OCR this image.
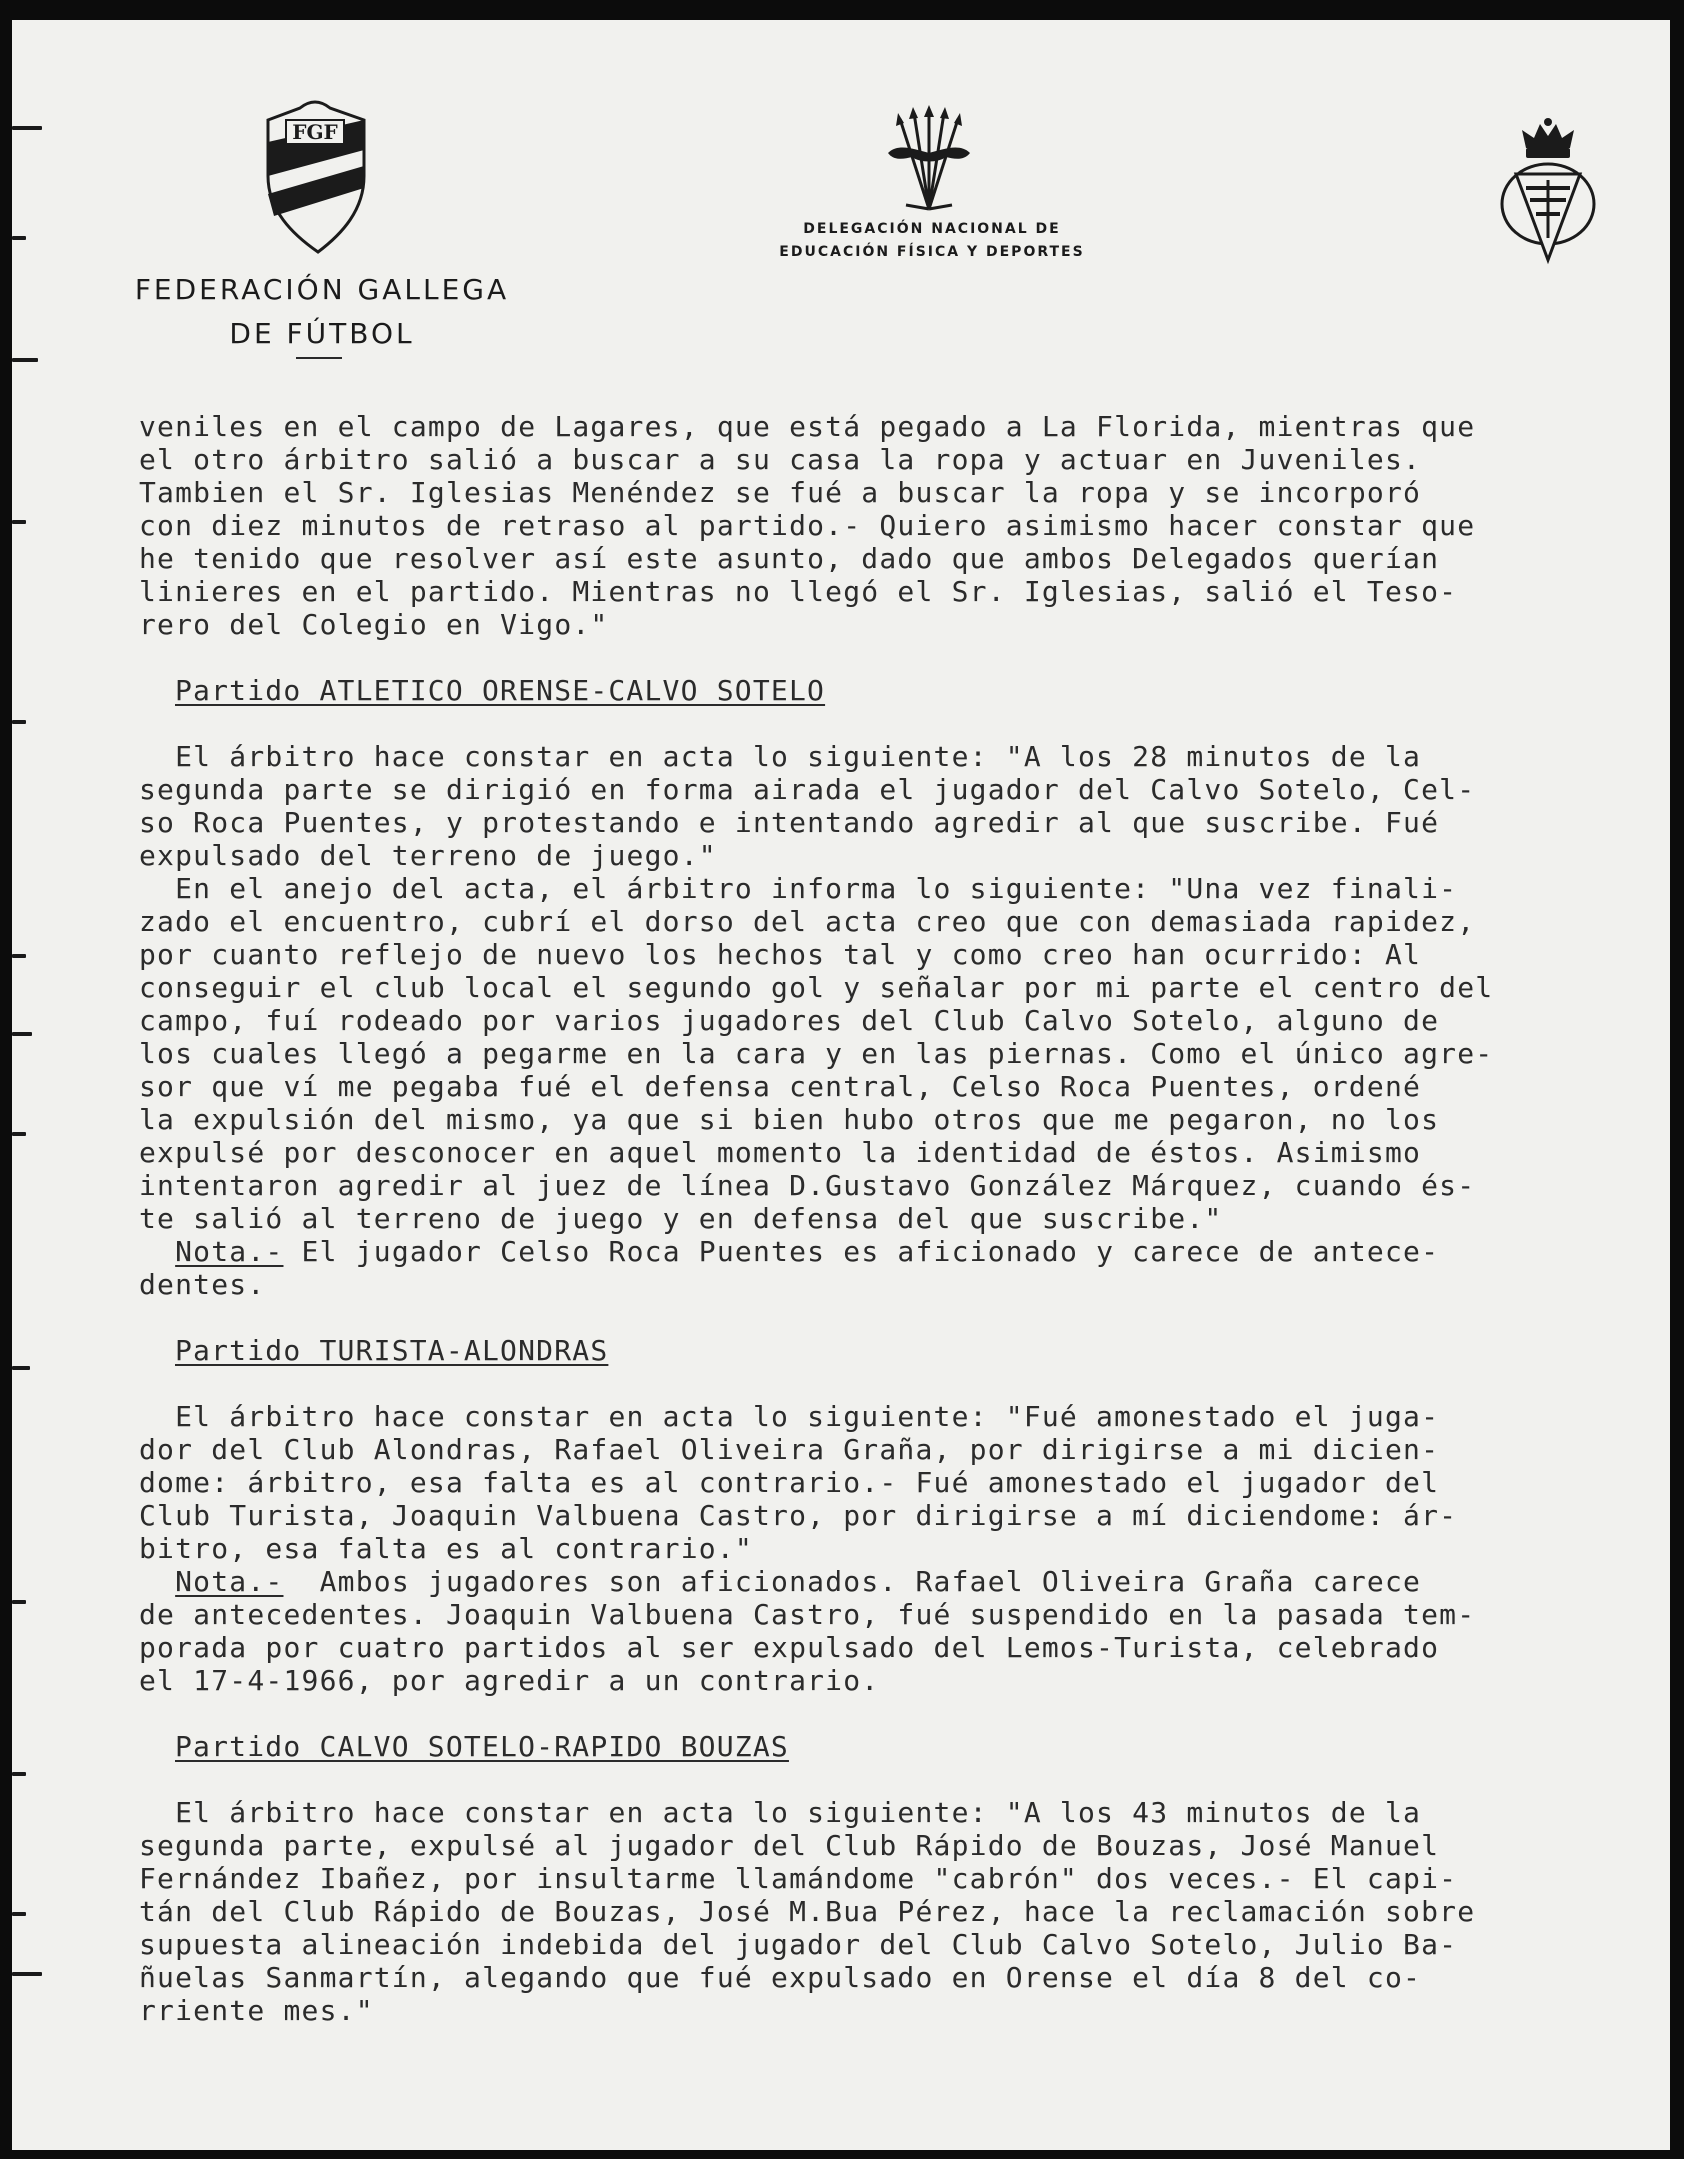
FGF
FEDERACIÓN GALLEGA
DE FÚTBOL
DELEGACIÓN NACIONAL DE
EDUCACIÓN FÍSICA Y DEPORTES

veniles en el campo de Lagares, que está pegado a La Florida, mientras que
el otro árbitro salió a buscar a su casa la ropa y actuar en Juveniles.
Tambien el Sr. Iglesias Menéndez se fué a buscar la ropa y se incorporó
con diez minutos de retraso al partido.- Quiero asimismo hacer constar que
he tenido que resolver así este asunto, dado que ambos Delegados querían
linieres en el partido. Mientras no llegó el Sr. Iglesias, salió el Teso-
rero del Colegio en Vigo."

Partido ATLETICO ORENSE-CALVO SOTELO

El árbitro hace constar en acta lo siguiente: "A los 28 minutos de la
segunda parte se dirigió en forma airada el jugador del Calvo Sotelo, Cel-
so Roca Puentes, y protestando e intentando agredir al que suscribe. Fué
expulsado del terreno de juego."

En el anejo del acta, el árbitro informa lo siguiente: "Una vez finali-
zado el encuentro, cubrí el dorso del acta creo que con demasiada rapidez,
por cuanto reflejo de nuevo los hechos tal y como creo han ocurrido: Al
conseguir el club local el segundo gol y señalar por mi parte el centro del
campo, fuí rodeado por varios jugadores del Club Calvo Sotelo, alguno de
los cuales llegó a pegarme en la cara y en las piernas. Como el único agre-
sor que ví me pegaba fué el defensa central, Celso Roca Puentes, ordené
la expulsión del mismo, ya que si bien hubo otros que me pegaron, no los
expulsé por desconocer en aquel momento la identidad de éstos. Asimismo
intentaron agredir al juez de línea D.Gustavo González Márquez, cuando és-
te salió al terreno de juego y en defensa del que suscribe."

Nota.- El jugador Celso Roca Puentes es aficionado y carece de antece-
dentes.

Partido TURISTA-ALONDRAS

El árbitro hace constar en acta lo siguiente: "Fué amonestado el juga-
dor del Club Alondras, Rafael Oliveira Graña, por dirigirse a mi dicien-
dome: árbitro, esa falta es al contrario.- Fué amonestado el jugador del
Club Turista, Joaquin Valbuena Castro, por dirigirse a mí diciendome: ár-
bitro, esa falta es al contrario."

Nota.-  Ambos jugadores son aficionados. Rafael Oliveira Graña carece
de antecedentes. Joaquin Valbuena Castro, fué suspendido en la pasada tem-
porada por cuatro partidos al ser expulsado del Lemos-Turista, celebrado
el 17-4-1966, por agredir a un contrario.

Partido CALVO SOTELO-RAPIDO BOUZAS

El árbitro hace constar en acta lo siguiente: "A los 43 minutos de la
segunda parte, expulsé al jugador del Club Rápido de Bouzas, José Manuel
Fernández Ibañez, por insultarme llamándome "cabrón" dos veces.- El capi-
tán del Club Rápido de Bouzas, José M.Bua Pérez, hace la reclamación sobre
supuesta alineación indebida del jugador del Club Calvo Sotelo, Julio Ba-
ñuelas Sanmartín, alegando que fué expulsado en Orense el día 8 del co-
rriente mes."
